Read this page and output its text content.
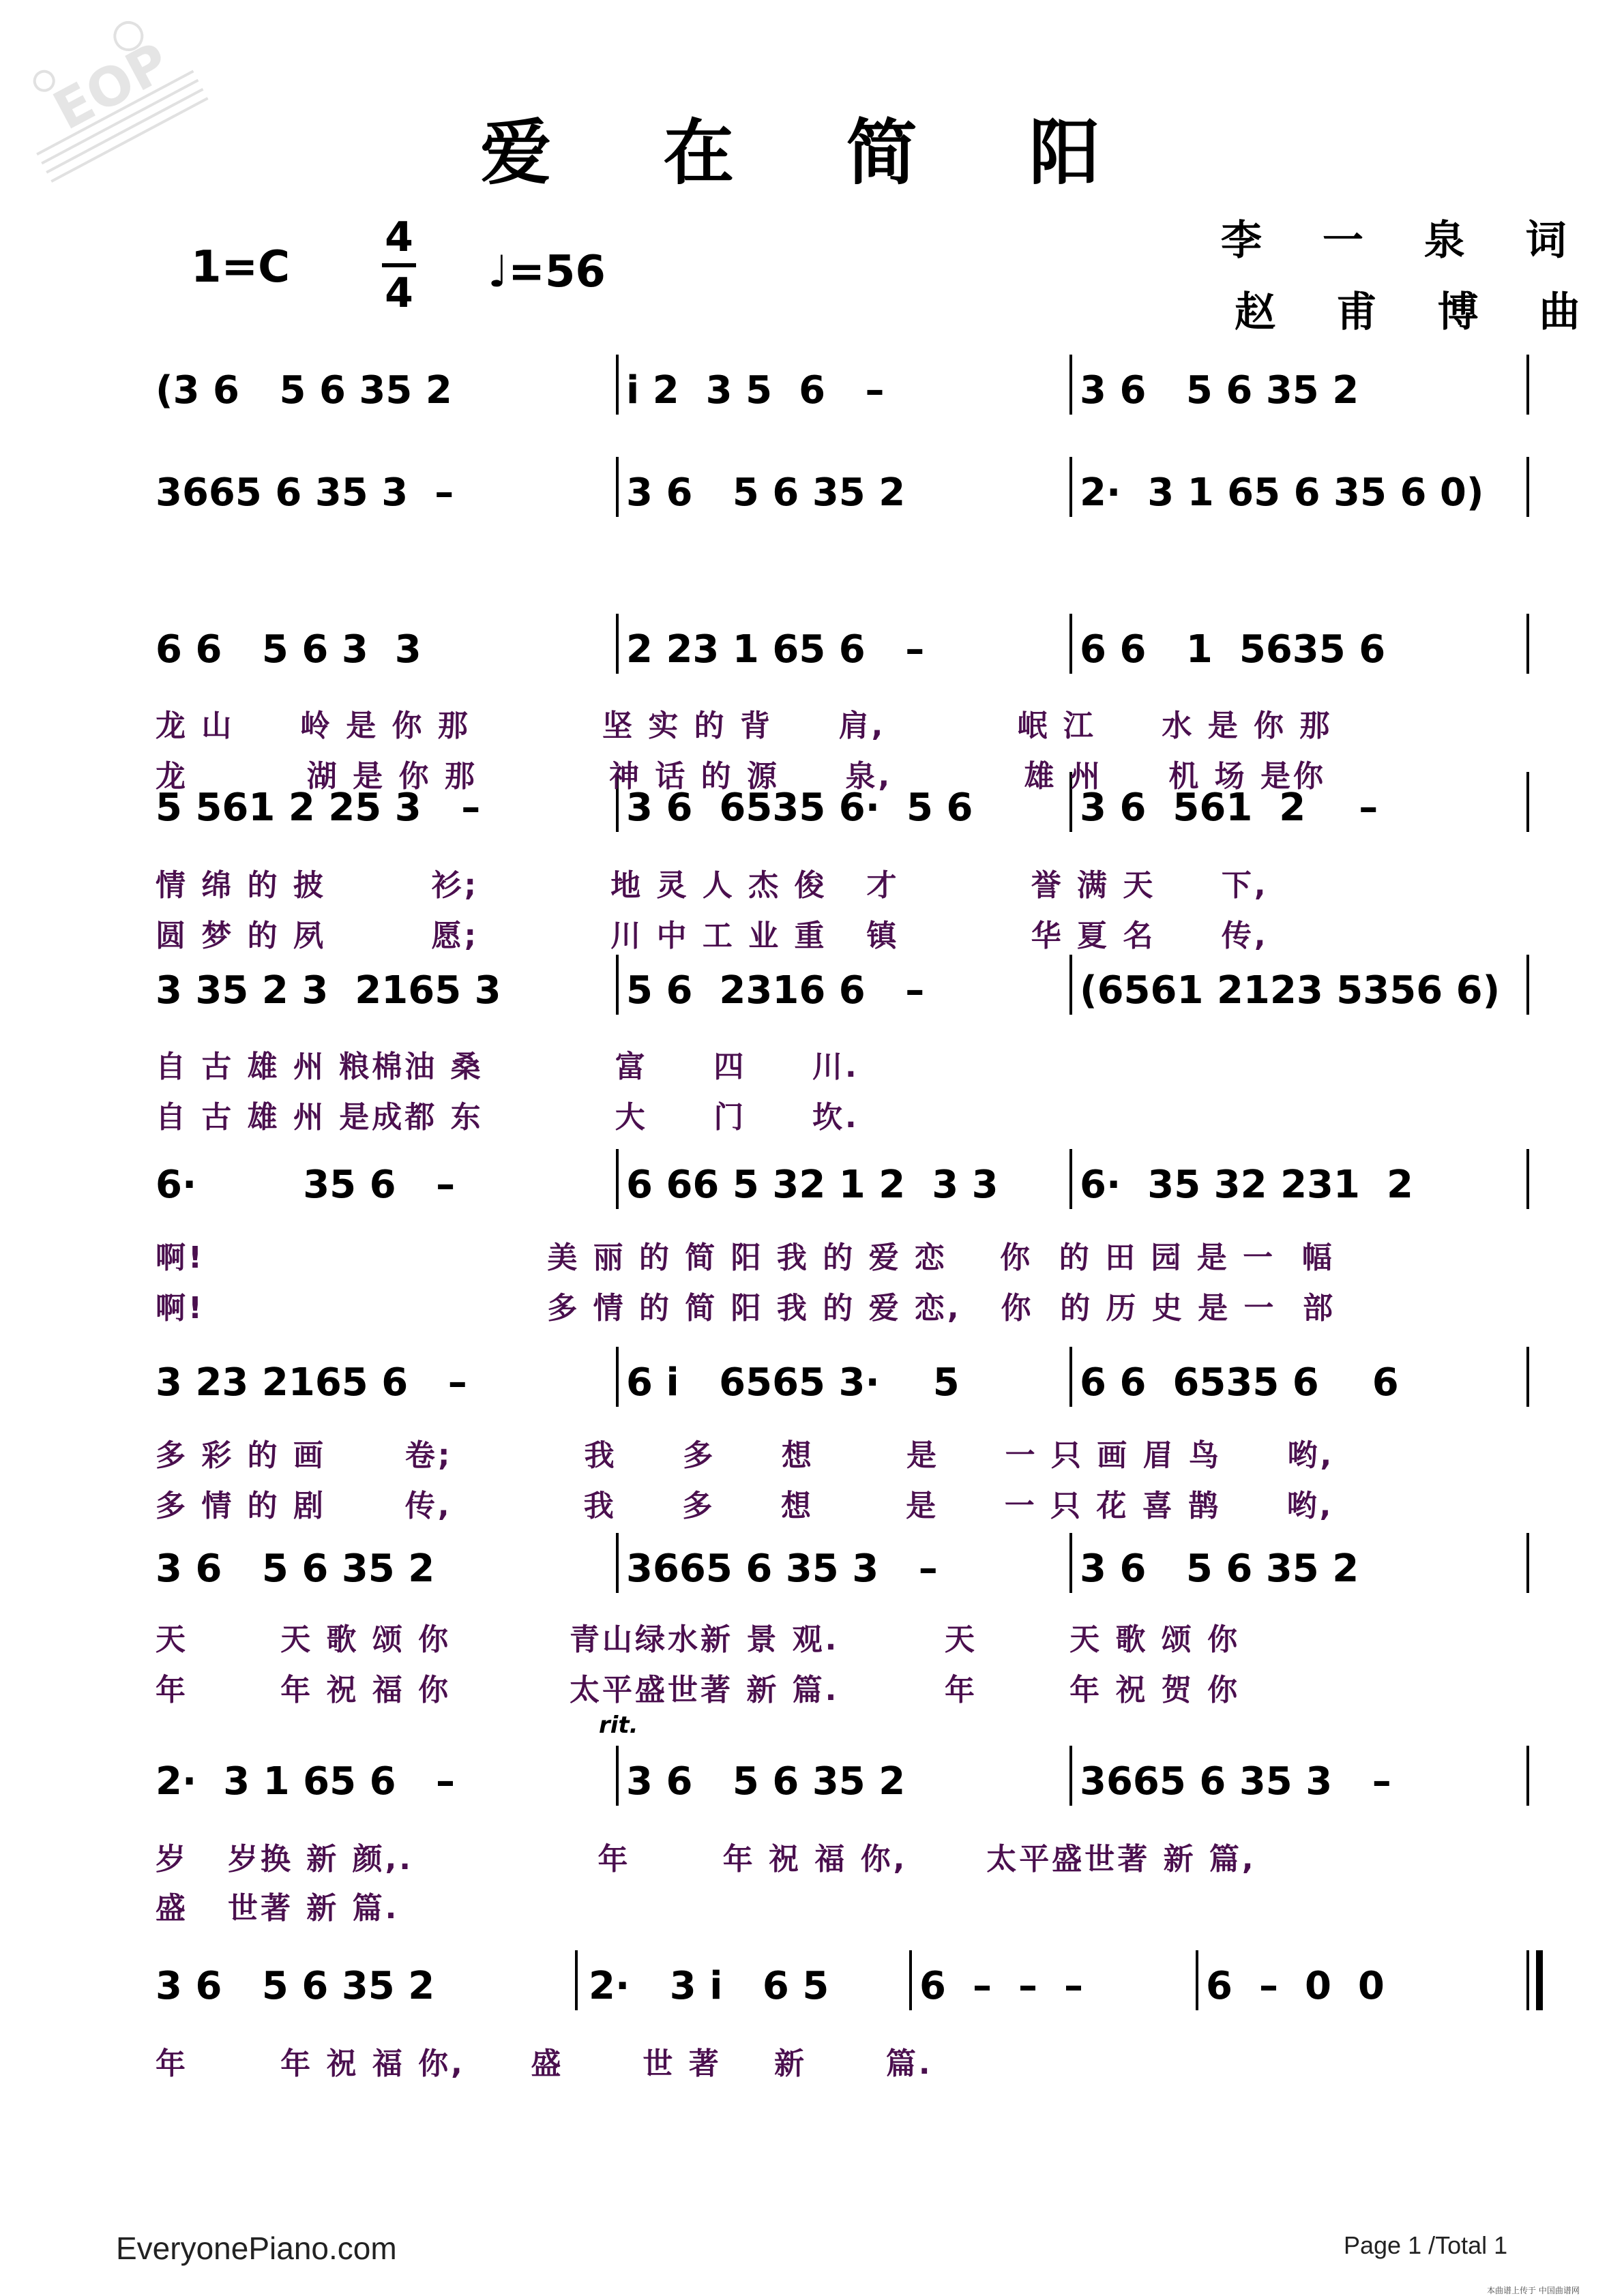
EOP
爱 在 简 阳
1=C
4
4 ♩=56
李 一 泉 词
赵 甫 博 曲
rit.
(3 6   5 6 35 2	i 2  3 5  6   –	3 6   5 6 35 2
3665 6 35 3  –	3 6   5 6 35 2	2·  3 1 65 6 35 6 0)
6 6   5 6 3  3	2 23 1 65 6   –	6 6   1  5635 6
5 561 2 25 3   –	3 6  6535 6·  5 6	3 6  561  2    –
3 35 2 3  2165 3	5 6  2316 6   –	(6561 2123 5356 6)
6·        35 6   –	6 66 5 32 1 2  3 3 6·  35 32 231  2
3 23 2165 6   –	6 i   6565 3·    5	6 6  6535 6    6
3 6   5 6 35 2	3665 6 35 3   –	3 6   5 6 35 2
2·  3 1 65 6   –	3 6   5 6 35 2	3665 6 35 3   –
3 6   5 6 35 2	2·   3 i   6 5 6  –  –  –	6  –  0  0
龙 山     岭 是 你 那          坚 实 的 背     肩,          岷 江     水 是 你 那
龙         湖 是 你 那          神 话 的 源     泉,          雄 州     机 场 是你
情 绵 的 披        衫;          地 灵 人 杰 俊   才          誉 满 天     下,
圆 梦 的 夙        愿;          川 中 工 业 重   镇          华 夏 名     传,
自 古 雄 州 粮棉油 桑          富     四     川.
自 古 雄 州 是成都 东          大     门     坎.
啊!                          美 丽 的 简 阳 我 的 爱 恋    你  的 田 园 是 一  幅
啊!                          多 情 的 简 阳 我 的 爱 恋,   你  的 历 史 是 一  部
多 彩 的 画      卷;          我     多     想       是     一 只 画 眉 鸟     哟,
多 情 的 剧      传,          我     多     想       是     一 只 花 喜 鹊     哟,
天       天 歌 颂 你         青山绿水新 景 观.        天       天 歌 颂 你
年       年 祝 福 你         太平盛世著 新 篇.        年       年 祝 贺 你
岁   岁换 新 颜,.              年       年 祝 福 你,      太平盛世著 新 篇,
盛   世著 新 篇.
年       年 祝 福 你,     盛      世 著    新      篇.
EveryonePiano.com	Page 1 /Total 1
本曲谱上传于 中国曲谱网
